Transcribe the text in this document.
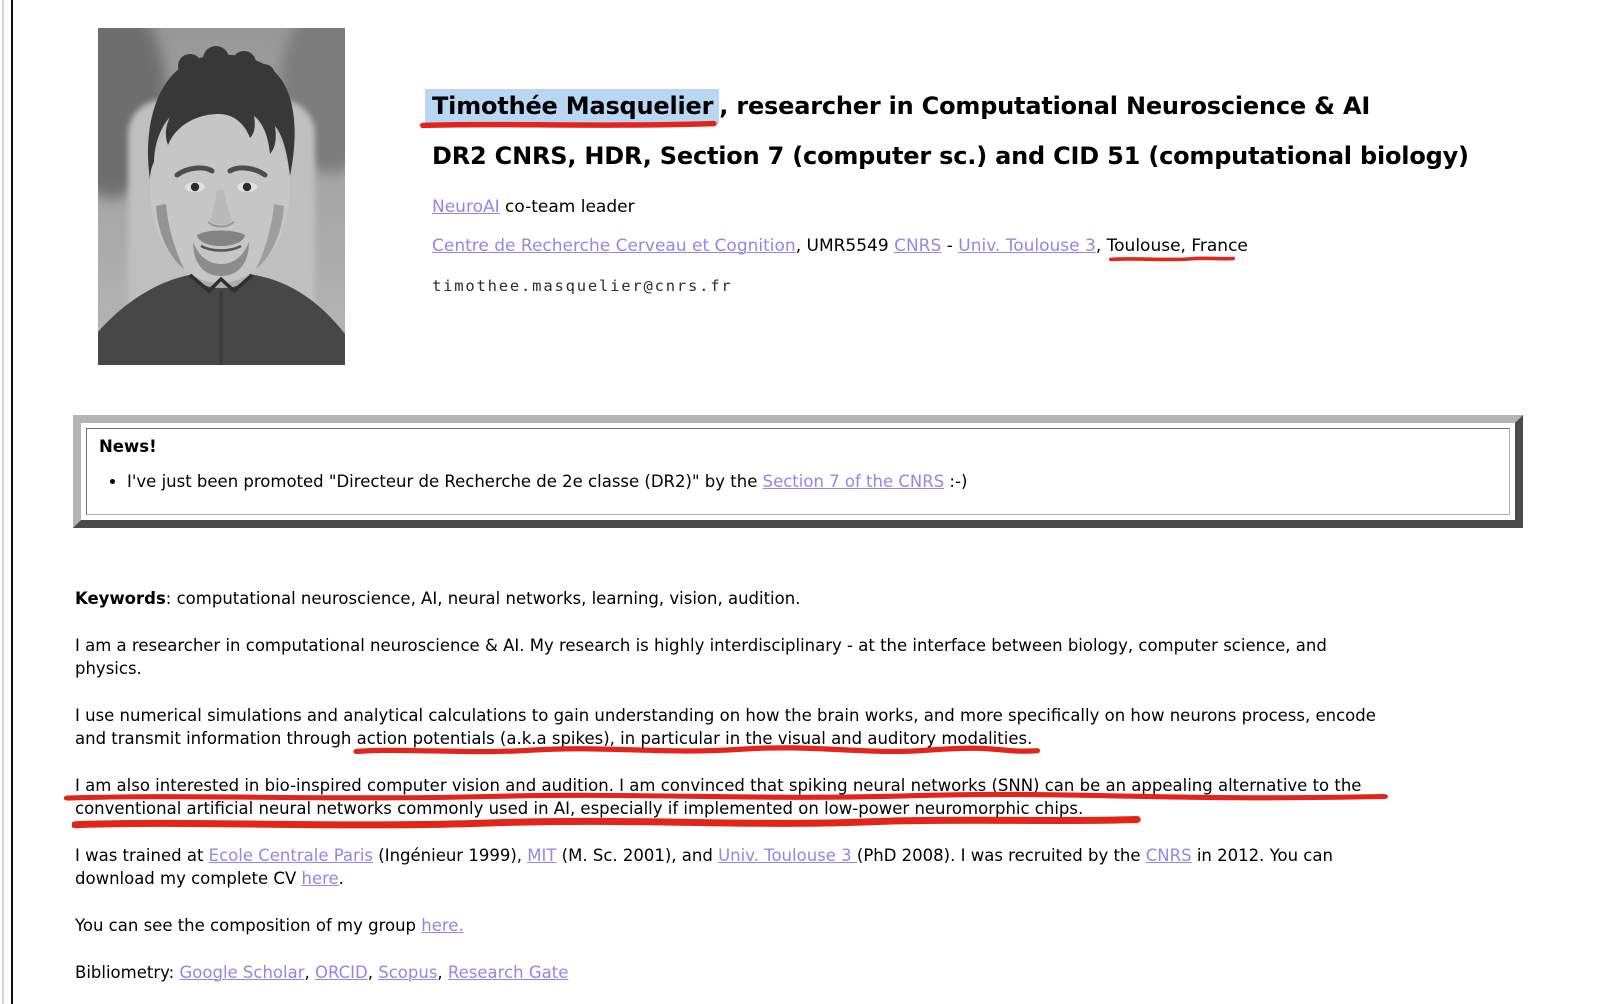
Timothée Masquelier , researcher in Computational Neuroscience & AI
DR2 CNRS, HDR, Section 7 (computer sc.) and CID 51 (computational biology)

NeuroAI co-team leader

Centre de Recherche Cerveau et Cognition, UMR5549 CNRS - Univ. Toulouse 3, Toulouse, France

timothee.masquelier@cnrs.fr

News!
• I've just been promoted "Directeur de Recherche de 2e classe (DR2)" by the Section 7 of the CNRS :-)

Keywords: computational neuroscience, AI, neural networks, learning, vision, audition.

I am a researcher in computational neuroscience & AI. My research is highly interdisciplinary - at the interface between biology, computer science, and
physics.

I use numerical simulations and analytical calculations to gain understanding on how the brain works, and more specifically on how neurons process, encode
and transmit information through action potentials (a.k.a spikes), in particular in the visual and auditory modalities.

I am also interested in bio-inspired computer vision and audition. I am convinced that spiking neural networks (SNN) can be an appealing alternative to the

conventional artificial neural networks commonly used in AI, especially if implemented on low-power neuromorphic chips.

I was trained at Ecole Centrale Paris (Ingénieur 1999), MIT (M. Sc. 2001), and Univ. Toulouse 3 (PhD 2008). I was recruited by the CNRS in 2012. You can
download my complete CV here.

You can see the composition of my group here.

Bibliometry: Google Scholar, ORCID, Scopus, Research Gate
